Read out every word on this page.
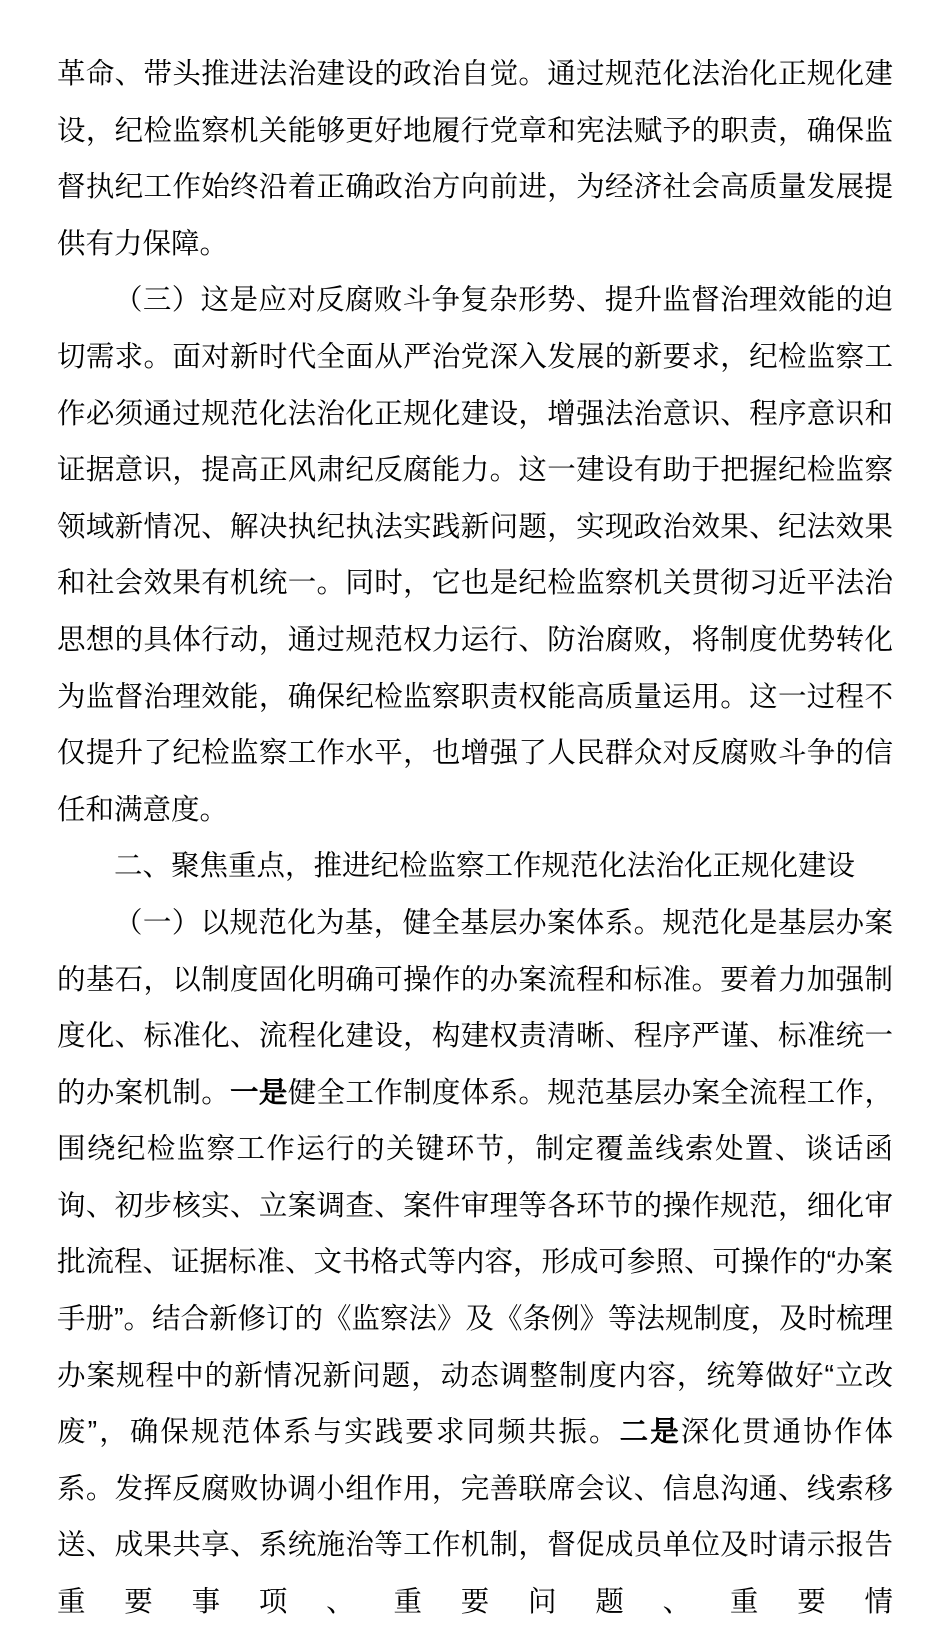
革命、带头推进法治建设的政治自觉。通过规范化法治化正规化建设，纪检监察机关能够更好地履行党章和宪法赋予的职责，确保监督执纪工作始终沿着正确政治方向前进，为经济社会高质量发展提供有力保障。

（三）这是应对反腐败斗争复杂形势、提升监督治理效能的迫切需求。面对新时代全面从严治党深入发展的新要求，纪检监察工作必须通过规范化法治化正规化建设，增强法治意识、程序意识和证据意识，提高正风肃纪反腐能力。这一建设有助于把握纪检监察领域新情况、解决执纪执法实践新问题，实现政治效果、纪法效果和社会效果有机统一。同时，它也是纪检监察机关贯彻习近平法治思想的具体行动，通过规范权力运行、防治腐败，将制度优势转化为监督治理效能，确保纪检监察职责权能高质量运用。这一过程不仅提升了纪检监察工作水平，也增强了人民群众对反腐败斗争的信任和满意度。

二、聚焦重点，推进纪检监察工作规范化法治化正规化建设

（一）以规范化为基，健全基层办案体系。规范化是基层办案的基石，以制度固化明确可操作的办案流程和标准。要着力加强制度化、标准化、流程化建设，构建权责清晰、程序严谨、标准统一的办案机制。一是健全工作制度体系。规范基层办案全流程工作，围绕纪检监察工作运行的关键环节，制定覆盖线索处置、谈话函询、初步核实、立案调查、案件审理等各环节的操作规范，细化审批流程、证据标准、文书格式等内容，形成可参照、可操作的“办案手册”。结合新修订的《监察法》及《条例》等法规制度，及时梳理办案规程中的新情况新问题，动态调整制度内容，统筹做好“立改废”，确保规范体系与实践要求同频共振。二是深化贯通协作体系。发挥反腐败协调小组作用，完善联席会议、信息沟通、线索移送、成果共享、系统施治等工作机制，督促成员单位及时请示报告重要事项、重要问题、重要情
